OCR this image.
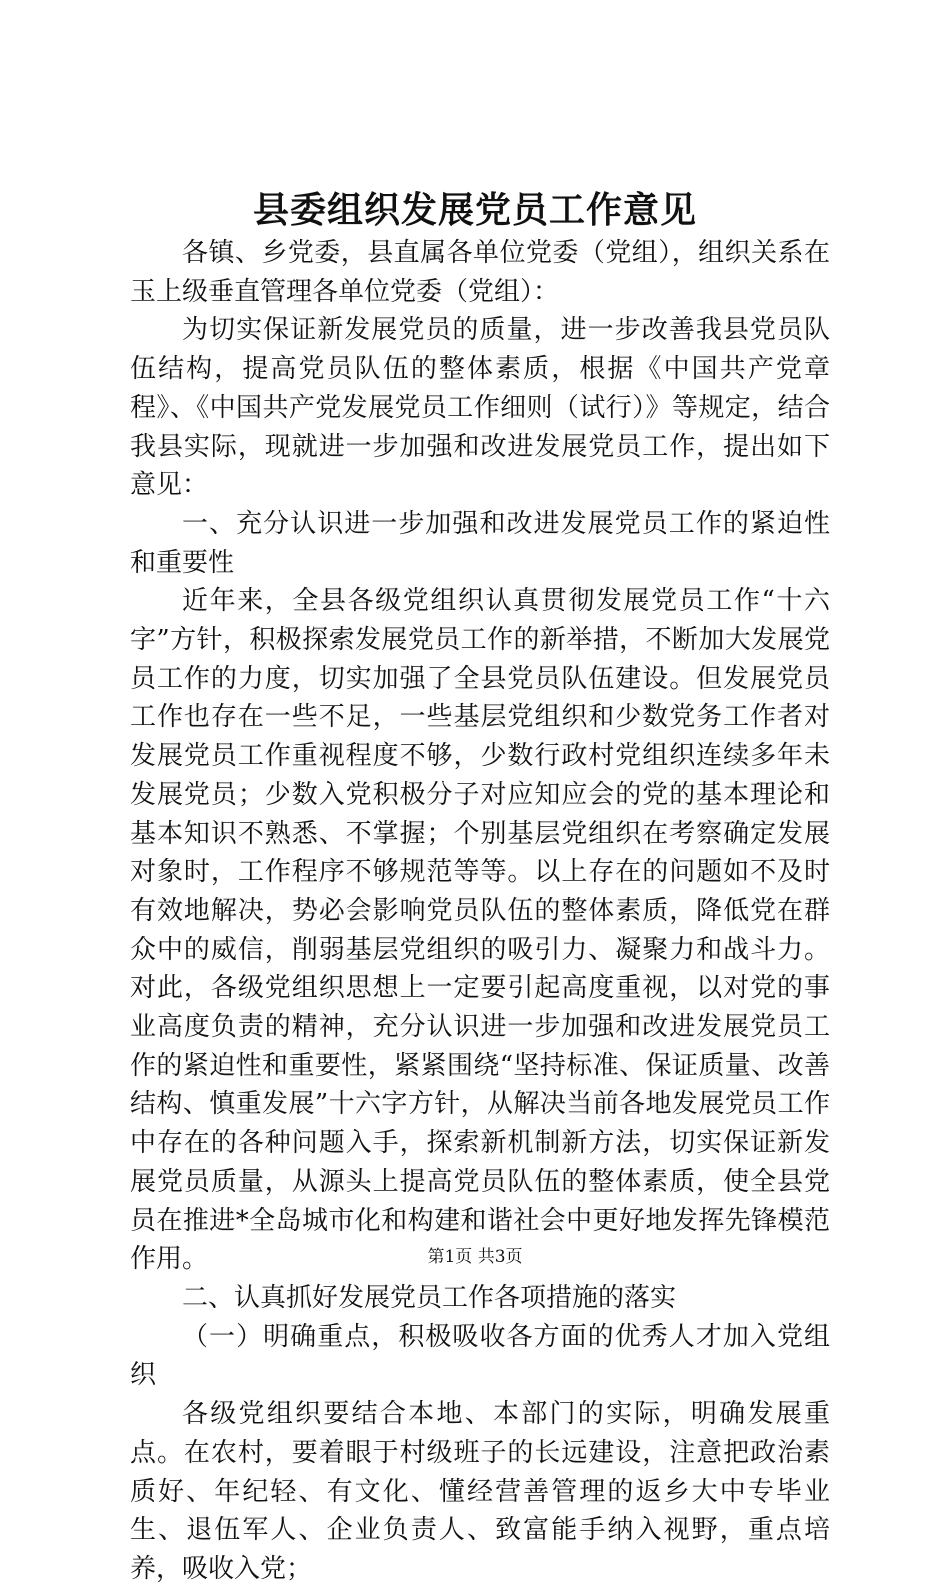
县委组织发展党员工作意见

各镇、乡党委，县直属各单位党委（党组），组织关系在玉上级垂直管理各单位党委（党组）：

为切实保证新发展党员的质量，进一步改善我县党员队伍结构，提高党员队伍的整体素质，根据《中国共产党章程》、《中国共产党发展党员工作细则（试行）》等规定，结合我县实际，现就进一步加强和改进发展党员工作，提出如下意见：

一、充分认识进一步加强和改进发展党员工作的紧迫性和重要性

近年来，全县各级党组织认真贯彻发展党员工作“十六字”方针，积极探索发展党员工作的新举措，不断加大发展党员工作的力度，切实加强了全县党员队伍建设。但发展党员工作也存在一些不足，一些基层党组织和少数党务工作者对发展党员工作重视程度不够，少数行政村党组织连续多年未发展党员；少数入党积极分子对应知应会的党的基本理论和基本知识不熟悉、不掌握；个别基层党组织在考察确定发展对象时，工作程序不够规范等等。以上存在的问题如不及时有效地解决，势必会影响党员队伍的整体素质，降低党在群众中的威信，削弱基层党组织的吸引力、凝聚力和战斗力。对此，各级党组织思想上一定要引起高度重视，以对党的事业高度负责的精神，充分认识进一步加强和改进发展党员工作的紧迫性和重要性，紧紧围绕“坚持标准、保证质量、改善结构、慎重发展”十六字方针，从解决当前各地发展党员工作中存在的各种问题入手，探索新机制新方法，切实保证新发展党员质量，从源头上提高党员队伍的整体素质，使全县党员在推进*全岛城市化和构建和谐社会中更好地发挥先锋模范作用。

二、认真抓好发展党员工作各项措施的落实

（一）明确重点，积极吸收各方面的优秀人才加入党组织

各级党组织要结合本地、本部门的实际，明确发展重点。在农村，要着眼于村级班子的长远建设，注意把政治素质好、年纪轻、有文化、懂经营善管理的返乡大中专毕业生、退伍军人、企业负责人、致富能手纳入视野，重点培养，吸收入党；

第1页 共3页
